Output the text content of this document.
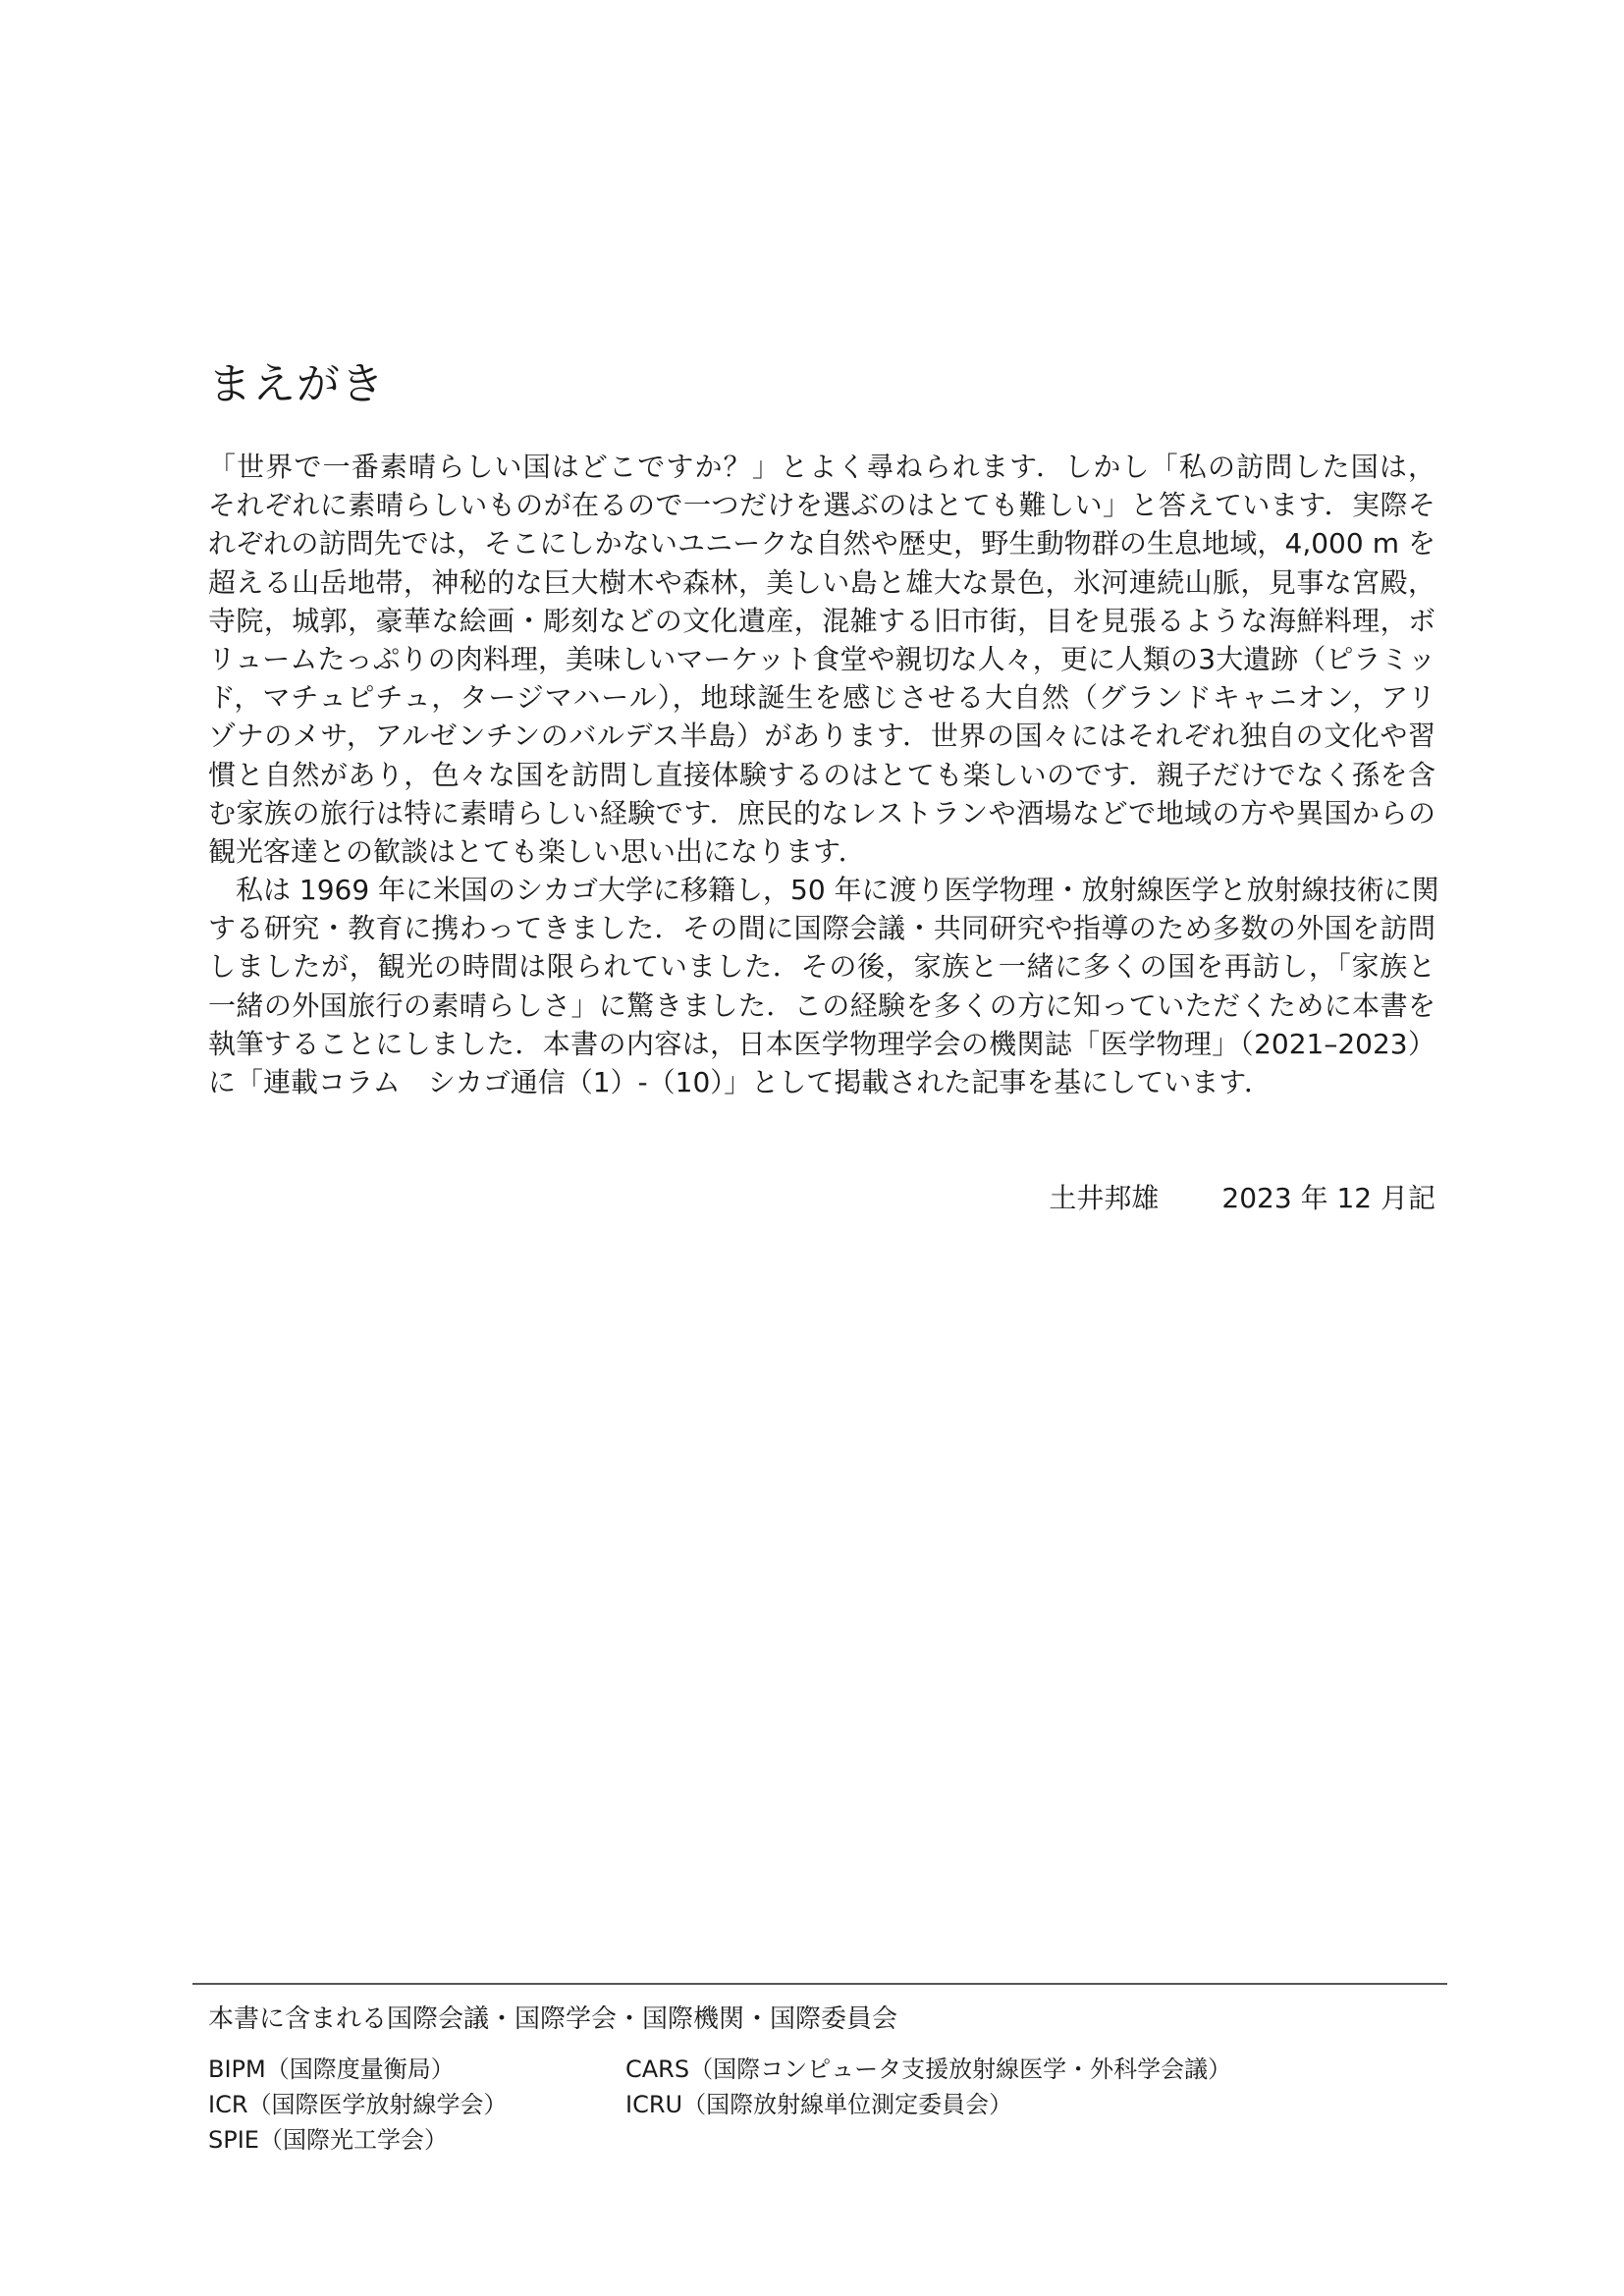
まえがき
「世界で一番素晴らしい国はどこですか？」とよく尋ねられます．しかし「私の訪問した国は，
それぞれに素晴らしいものが在るので一つだけを選ぶのはとても難しい」と答えています．実際そ
れぞれの訪問先では，そこにしかないユニークな自然や歴史，野生動物群の生息地域，4,000 m を
超える山岳地帯，神秘的な巨大樹木や森林，美しい島と雄大な景色，氷河連続山脈，見事な宮殿，
寺院，城郭，豪華な絵画・彫刻などの文化遺産，混雑する旧市街，目を見張るような海鮮料理，ボ
リュームたっぷりの肉料理，美味しいマーケット食堂や親切な人々，更に人類の3大遺跡（ピラミッ
ド，マチュピチュ，タージマハール），地球誕生を感じさせる大自然（グランドキャニオン，アリ
ゾナのメサ，アルゼンチンのバルデス半島）があります．世界の国々にはそれぞれ独自の文化や習
慣と自然があり，色々な国を訪問し直接体験するのはとても楽しいのです．親子だけでなく孫を含
む家族の旅行は特に素晴らしい経験です．庶民的なレストランや酒場などで地域の方や異国からの
観光客達との歓談はとても楽しい思い出になります．
　私は 1969 年に米国のシカゴ大学に移籍し，50 年に渡り医学物理・放射線医学と放射線技術に関
する研究・教育に携わってきました．その間に国際会議・共同研究や指導のため多数の外国を訪問
しましたが，観光の時間は限られていました．その後，家族と一緒に多くの国を再訪し，「家族と
一緒の外国旅行の素晴らしさ」に驚きました．この経験を多くの方に知っていただくために本書を
執筆することにしました．本書の内容は，日本医学物理学会の機関誌「医学物理」（2021–2023）
に「連載コラム　シカゴ通信（1）-（10）」として掲載された記事を基にしています．
土井邦雄 2023 年 12 月記
本書に含まれる国際会議・国際学会・国際機関・国際委員会
BIPM（国際度量衡局）	CARS（国際コンピュータ支援放射線医学・外科学会議）
ICR（国際医学放射線学会）	ICRU（国際放射線単位測定委員会）
SPIE（国際光工学会）
